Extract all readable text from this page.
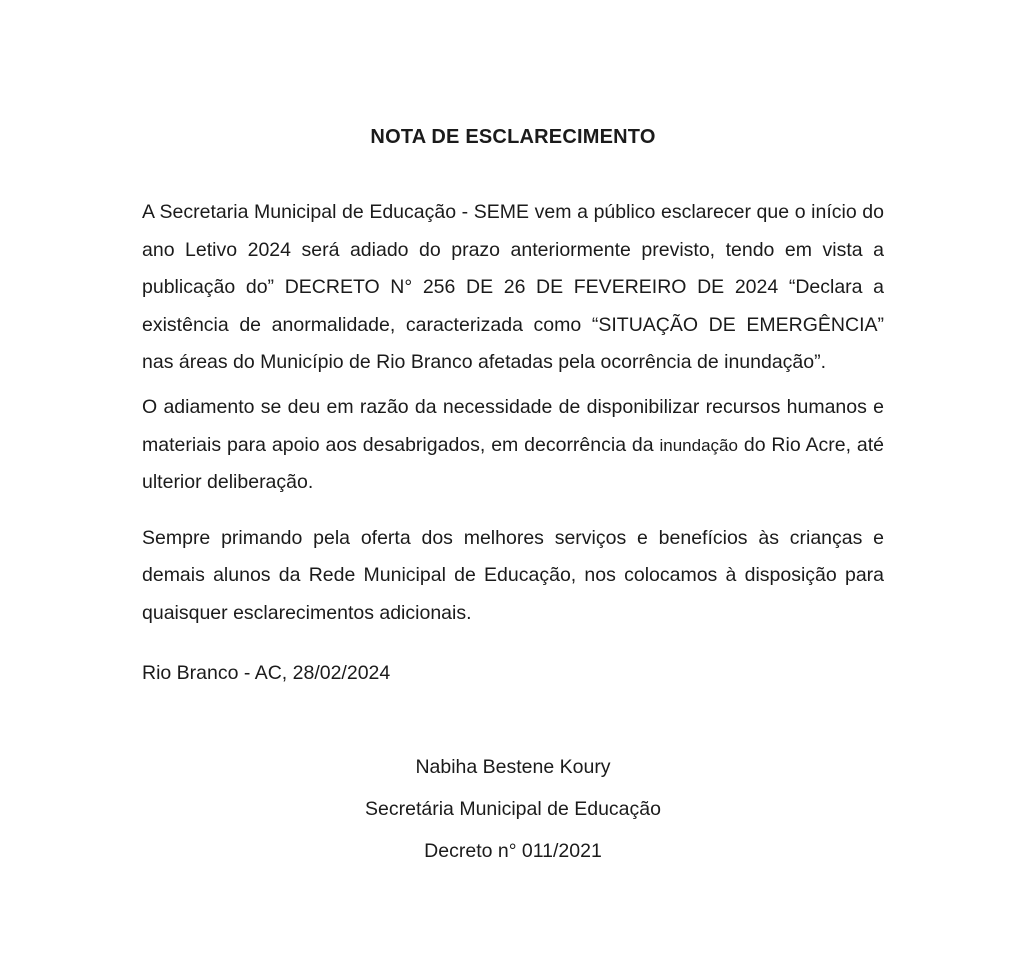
NOTA DE ESCLARECIMENTO

A Secretaria Municipal de Educação - SEME vem a público esclarecer que o início do ano Letivo 2024 será adiado do prazo anteriormente previsto, tendo em vista a publicação do” DECRETO N° 256 DE 26 DE FEVEREIRO DE 2024 “Declara a existência de anormalidade, caracterizada como “SITUAÇÃO DE EMERGÊNCIA” nas áreas do Município de Rio Branco afetadas pela ocorrência de inundação”.

O adiamento se deu em razão da necessidade de disponibilizar recursos humanos e materiais para apoio aos desabrigados, em decorrência da inundação do Rio Acre, até ulterior deliberação.

Sempre primando pela oferta dos melhores serviços e benefícios às crianças e demais alunos da Rede Municipal de Educação, nos colocamos à disposição para quaisquer esclarecimentos adicionais.

Rio Branco - AC, 28/02/2024

Nabiha Bestene Koury
Secretária Municipal de Educação
Decreto n° 011/2021
